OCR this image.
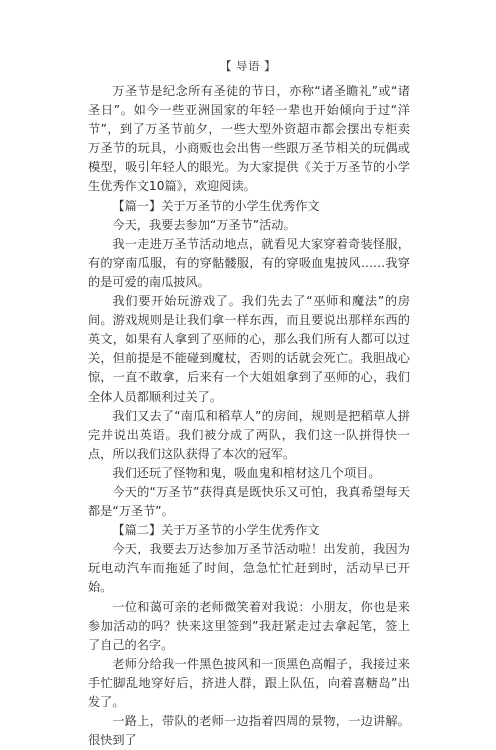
【 导语 】

万圣节是纪念所有圣徒的节日，亦称“诸圣瞻礼”或“诸圣日”。如今一些亚洲国家的年轻一辈也开始倾向于过“洋节”，到了万圣节前夕，一些大型外资超市都会摆出专柜卖万圣节的玩具，小商贩也会出售一些跟万圣节相关的玩偶或模型，吸引年轻人的眼光。为大家提供《关于万圣节的小学生优秀作文10篇》，欢迎阅读。

【篇一】关于万圣节的小学生优秀作文

今天，我要去参加“万圣节”活动。

我一走进万圣节活动地点，就看见大家穿着奇装怪服，有的穿南瓜服，有的穿骷髅服，有的穿吸血鬼披风……我穿的是可爱的南瓜披风。

我们要开始玩游戏了。我们先去了“巫师和魔法”的房间。游戏规则是让我们拿一样东西，而且要说出那样东西的英文，如果有人拿到了巫师的心，那么我们所有人都可以过关，但前提是不能碰到魔杖，否则的话就会死亡。我胆战心惊，一直不敢拿，后来有一个大姐姐拿到了巫师的心，我们全体人员都顺利过关了。

我们又去了“南瓜和稻草人”的房间，规则是把稻草人拼完并说出英语。我们被分成了两队，我们这一队拼得快一点，所以我们这队获得了本次的冠军。

我们还玩了怪物和鬼，吸血鬼和棺材这几个项目。

今天的“万圣节”获得真是既快乐又可怕，我真希望每天都是“万圣节”。

【篇二】关于万圣节的小学生优秀作文

今天，我要去万达参加万圣节活动啦！出发前，我因为玩电动汽车而拖延了时间，急急忙忙赶到时，活动早已开始。

一位和蔼可亲的老师微笑着对我说：小朋友，你也是来参加活动的吗？快来这里签到”我赶紧走过去拿起笔，签上了自己的名字。

老师分给我一件黑色披风和一顶黑色高帽子，我接过来手忙脚乱地穿好后，挤进人群，跟上队伍，向着喜糖岛”出发了。

一路上，带队的老师一边指着四周的景物，一边讲解。很快到了
